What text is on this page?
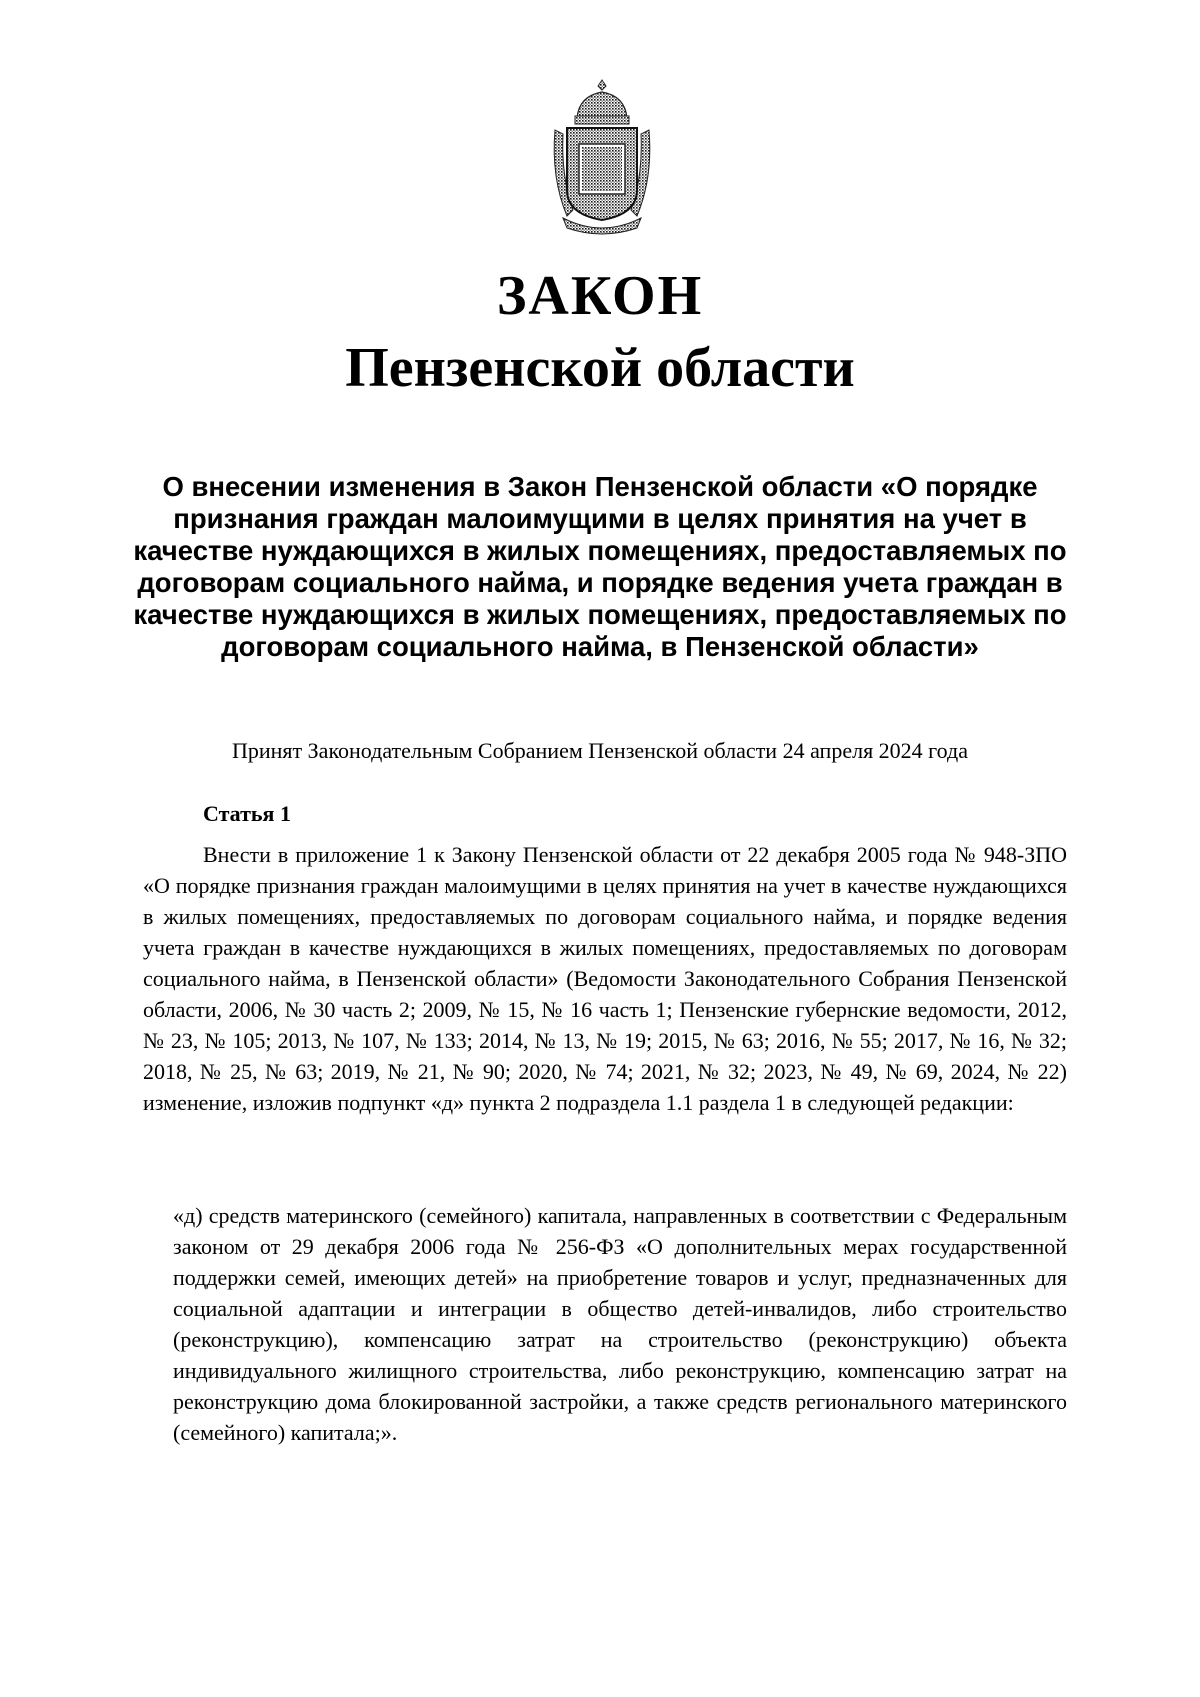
ЗАКОН
Пензенской области
О внесении изменения в Закон Пензенской области «О порядке признания граждан малоимущими в целях принятия на учет в качестве нуждающихся в жилых помещениях, предоставляемых по договорам социального найма, и порядке ведения учета граждан в качестве нуждающихся в жилых помещениях, предоставляемых по договорам социального найма, в Пензенской области»
Принят Законодательным Собранием Пензенской области 24 апреля 2024 года
Статья 1

Внести в приложение 1 к Закону Пензенской области от 22 декабря 2005 года № 948-ЗПО «О порядке признания граждан малоимущими в целях принятия на учет в качестве нуждающихся в жилых помещениях, предоставляемых по договорам социального найма, и порядке ведения учета граждан в качестве нуждающихся в жилых помещениях, предоставляемых по договорам социального найма, в Пензенской области» (Ведомости Законодательного Собрания Пензенской области, 2006, № 30 часть 2; 2009, № 15, № 16 часть 1; Пензенские губернские ведомости, 2012, № 23, № 105; 2013, № 107, № 133; 2014, № 13, № 19; 2015, № 63; 2016, № 55; 2017, № 16, № 32; 2018, № 25, № 63; 2019, № 21, № 90; 2020, № 74; 2021, № 32; 2023, № 49, № 69, 2024, № 22) изменение, изложив подпункт «д» пункта 2 подраздела 1.1 раздела 1 в следующей редакции:

«д) средств материнского (семейного) капитала, направленных в соответствии с Федеральным законом от 29 декабря 2006 года № 256-ФЗ «О дополнительных мерах государственной поддержки семей, имеющих детей» на приобретение товаров и услуг, предназначенных для социальной адаптации и интеграции в общество детей-инвалидов, либо строительство (реконструкцию), компенсацию затрат на строительство (реконструкцию) объекта индивидуального жилищного строительства, либо реконструкцию, компенсацию затрат на реконструкцию дома блокированной застройки, а также средств регионального материнского (семейного) капитала;».
